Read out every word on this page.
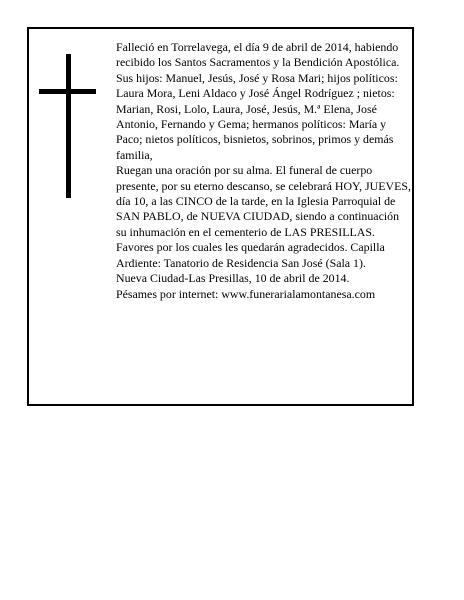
Falleció en Torrelavega, el día 9 de abril de 2014, habiendo recibido los Santos Sacramentos y la Bendición Apostólica.

Sus hijos: Manuel, Jesús, José y Rosa Mari; hijos políticos: Laura Mora, Leni Aldaco y José Ángel Rodríguez ; nietos: Marian, Rosi, Lolo, Laura, José, Jesús, M.ª Elena, José Antonio, Fernando y Gema; hermanos políticos: María y Paco; nietos políticos, bisnietos, sobrinos, primos y demás familia,

Ruegan una oración por su alma. El funeral de cuerpo presente, por su eterno descanso, se celebrará HOY, JUEVES, día 10, a las CINCO de la tarde, en la Iglesia Parroquial de SAN PABLO, de NUEVA CIUDAD, siendo a continuación su inhumación en el cementerio de LAS PRESILLAS. Favores por los cuales les quedarán agradecidos. Capilla Ardiente: Tanatorio de Residencia San José (Sala 1).

Nueva Ciudad-Las Presillas, 10 de abril de 2014.

Pésames por internet: www.funerarialamontanesa.com
